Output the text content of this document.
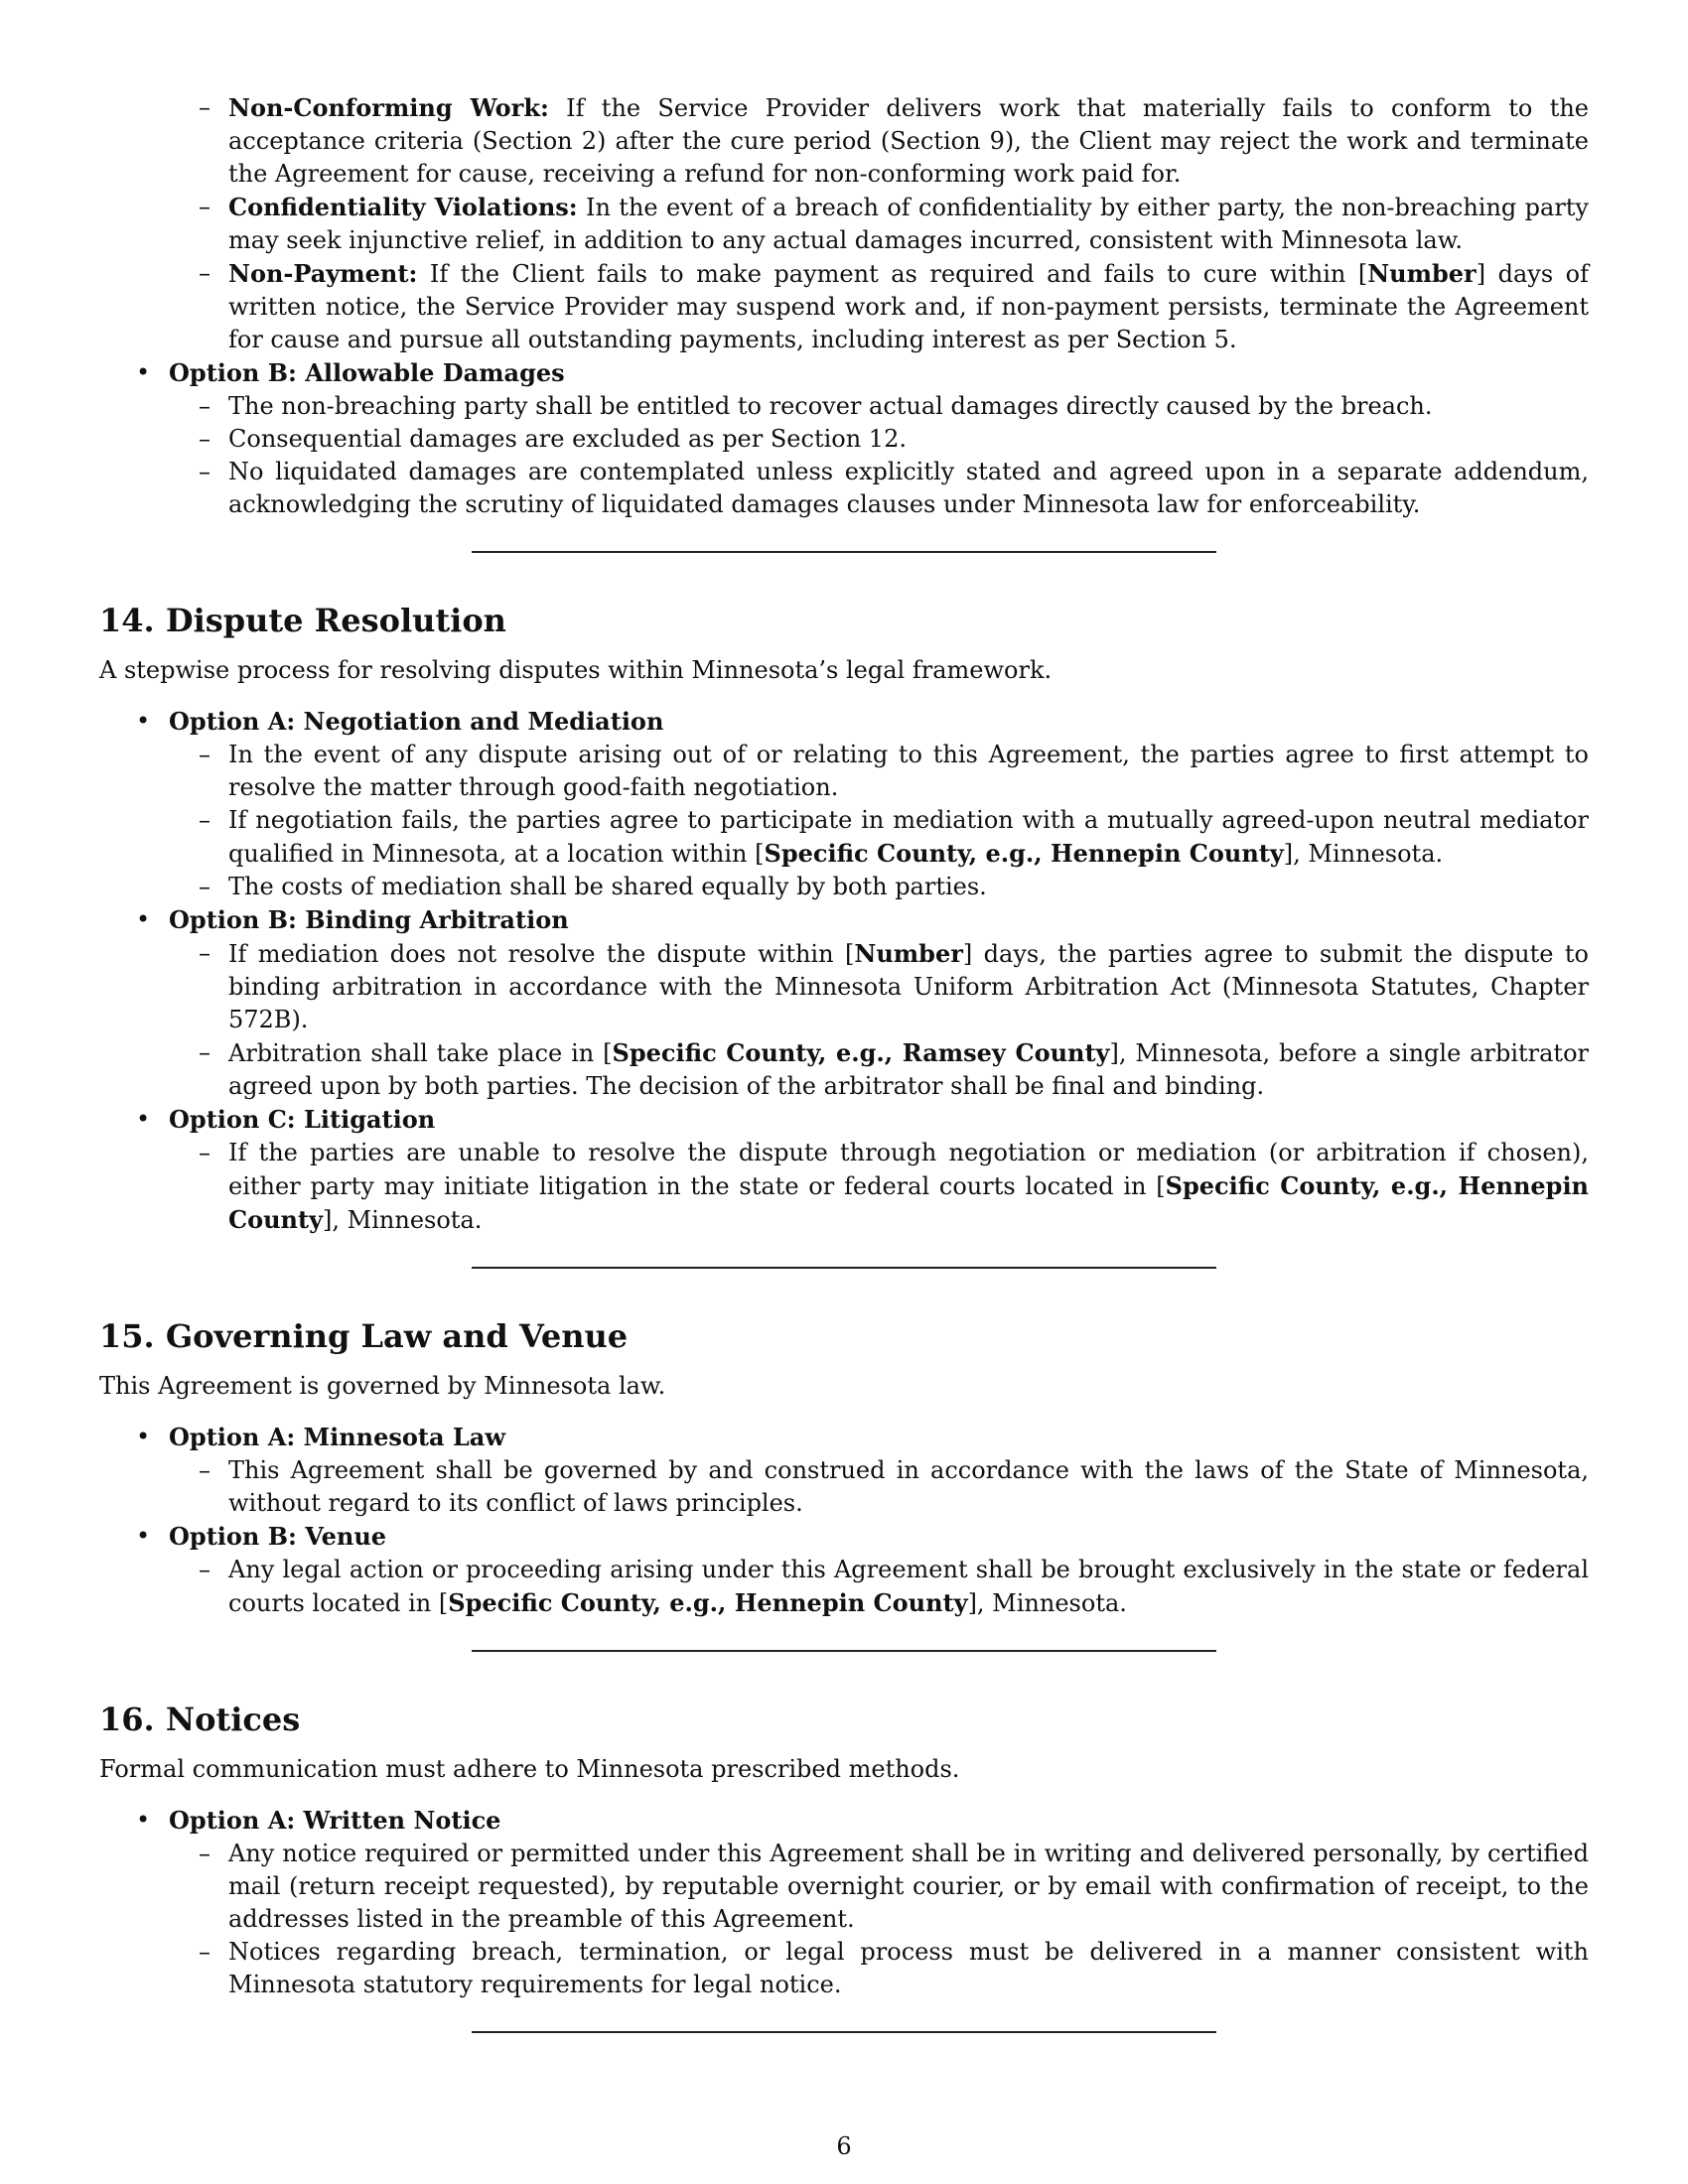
– Non-Conforming Work: If the Service Provider delivers work that materially fails to conform to the acceptance criteria (Section 2) after the cure period (Section 9), the Client may reject the work and terminate the Agreement for cause, receiving a refund for non-conforming work paid for.
– Confidentiality Violations: In the event of a breach of confidentiality by either party, the non-breaching party may seek injunctive relief, in addition to any actual damages incurred, consistent with Minnesota law.
– Non-Payment: If the Client fails to make payment as required and fails to cure within [Number] days of written notice, the Service Provider may suspend work and, if non-payment persists, terminate the Agreement for cause and pursue all outstanding payments, including interest as per Section 5.
• Option B: Allowable Damages
– The non-breaching party shall be entitled to recover actual damages directly caused by the breach.
– Consequential damages are excluded as per Section 12.
– No liquidated damages are contemplated unless explicitly stated and agreed upon in a separate addendum, acknowledging the scrutiny of liquidated damages clauses under Minnesota law for enforceability.
14. Dispute Resolution

A stepwise process for resolving disputes within Minnesota’s legal framework.

• Option A: Negotiation and Mediation
– In the event of any dispute arising out of or relating to this Agreement, the parties agree to first attempt to resolve the matter through good-faith negotiation.
– If negotiation fails, the parties agree to participate in mediation with a mutually agreed-upon neutral mediator qualified in Minnesota, at a location within [Specific County, e.g., Hennepin County], Minnesota.
– The costs of mediation shall be shared equally by both parties.
• Option B: Binding Arbitration
– If mediation does not resolve the dispute within [Number] days, the parties agree to submit the dispute to binding arbitration in accordance with the Minnesota Uniform Arbitration Act (Minnesota Statutes, Chapter 572B).
– Arbitration shall take place in [Specific County, e.g., Ramsey County], Minnesota, before a single arbitrator agreed upon by both parties. The decision of the arbitrator shall be final and binding.
• Option C: Litigation
– If the parties are unable to resolve the dispute through negotiation or mediation (or arbitration if chosen), either party may initiate litigation in the state or federal courts located in [Specific County, e.g., Hennepin County], Minnesota.
15. Governing Law and Venue

This Agreement is governed by Minnesota law.

• Option A: Minnesota Law
– This Agreement shall be governed by and construed in accordance with the laws of the State of Minnesota, without regard to its conflict of laws principles.
• Option B: Venue
– Any legal action or proceeding arising under this Agreement shall be brought exclusively in the state or federal courts located in [Specific County, e.g., Hennepin County], Minnesota.
16. Notices

Formal communication must adhere to Minnesota prescribed methods.

• Option A: Written Notice
– Any notice required or permitted under this Agreement shall be in writing and delivered personally, by certified mail (return receipt requested), by reputable overnight courier, or by email with confirmation of receipt, to the addresses listed in the preamble of this Agreement.
– Notices regarding breach, termination, or legal process must be delivered in a manner consistent with Minnesota statutory requirements for legal notice.
6
